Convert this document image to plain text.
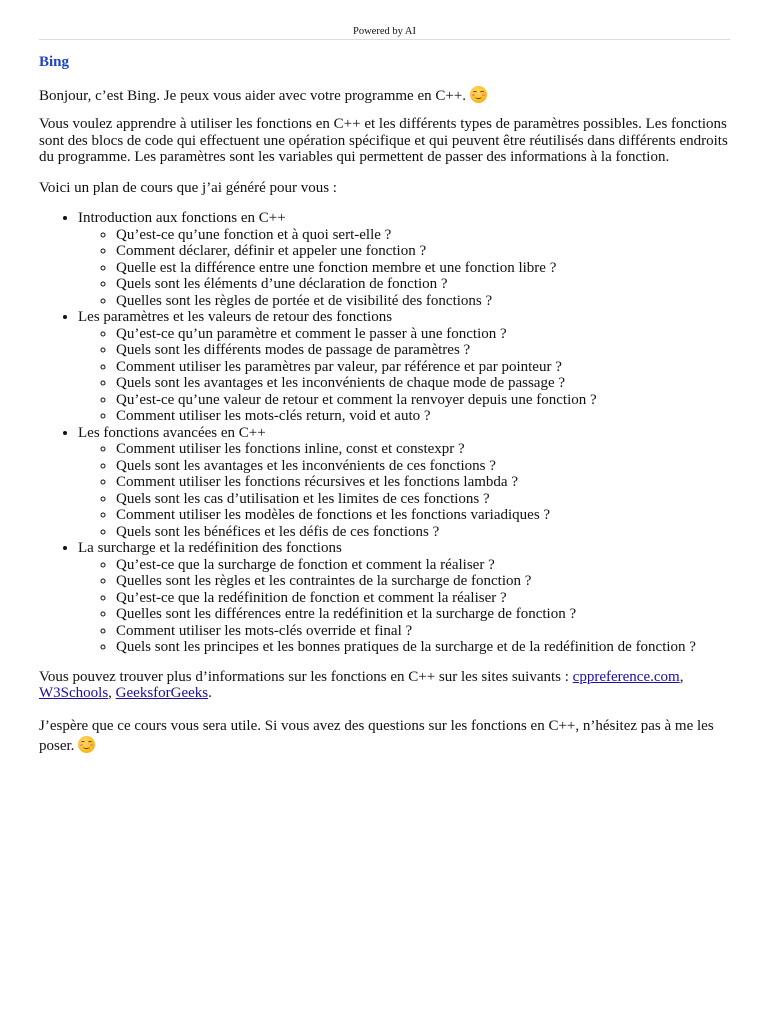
Powered by AI
Bing

Bonjour, c’est Bing. Je peux vous aider avec votre programme en C++.

Vous voulez apprendre à utiliser les fonctions en C++ et les différents types de paramètres possibles. Les fonctions sont des blocs de code qui effectuent une opération spécifique et qui peuvent être réutilisés dans différents endroits du programme. Les paramètres sont les variables qui permettent de passer des informations à la fonction.

Voici un plan de cours que j’ai généré pour vous :

• Introduction aux fonctions en C++
◦ Qu’est-ce qu’une fonction et à quoi sert-elle ?
◦ Comment déclarer, définir et appeler une fonction ?
◦ Quelle est la différence entre une fonction membre et une fonction libre ?
◦ Quels sont les éléments d’une déclaration de fonction ?
◦ Quelles sont les règles de portée et de visibilité des fonctions ?
• Les paramètres et les valeurs de retour des fonctions
◦ Qu’est-ce qu’un paramètre et comment le passer à une fonction ?
◦ Quels sont les différents modes de passage de paramètres ?
◦ Comment utiliser les paramètres par valeur, par référence et par pointeur ?
◦ Quels sont les avantages et les inconvénients de chaque mode de passage ?
◦ Qu’est-ce qu’une valeur de retour et comment la renvoyer depuis une fonction ?
◦ Comment utiliser les mots-clés return, void et auto ?
• Les fonctions avancées en C++
◦ Comment utiliser les fonctions inline, const et constexpr ?
◦ Quels sont les avantages et les inconvénients de ces fonctions ?
◦ Comment utiliser les fonctions récursives et les fonctions lambda ?
◦ Quels sont les cas d’utilisation et les limites de ces fonctions ?
◦ Comment utiliser les modèles de fonctions et les fonctions variadiques ?
◦ Quels sont les bénéfices et les défis de ces fonctions ?
• La surcharge et la redéfinition des fonctions
◦ Qu’est-ce que la surcharge de fonction et comment la réaliser ?
◦ Quelles sont les règles et les contraintes de la surcharge de fonction ?
◦ Qu’est-ce que la redéfinition de fonction et comment la réaliser ?
◦ Quelles sont les différences entre la redéfinition et la surcharge de fonction ?
◦ Comment utiliser les mots-clés override et final ?
◦ Quels sont les principes et les bonnes pratiques de la surcharge et de la redéfinition de fonction ?

Vous pouvez trouver plus d’informations sur les fonctions en C++ sur les sites suivants : cppreference.com, W3Schools, GeeksforGeeks.

J’espère que ce cours vous sera utile. Si vous avez des questions sur les fonctions en C++, n’hésitez pas à me les poser.
